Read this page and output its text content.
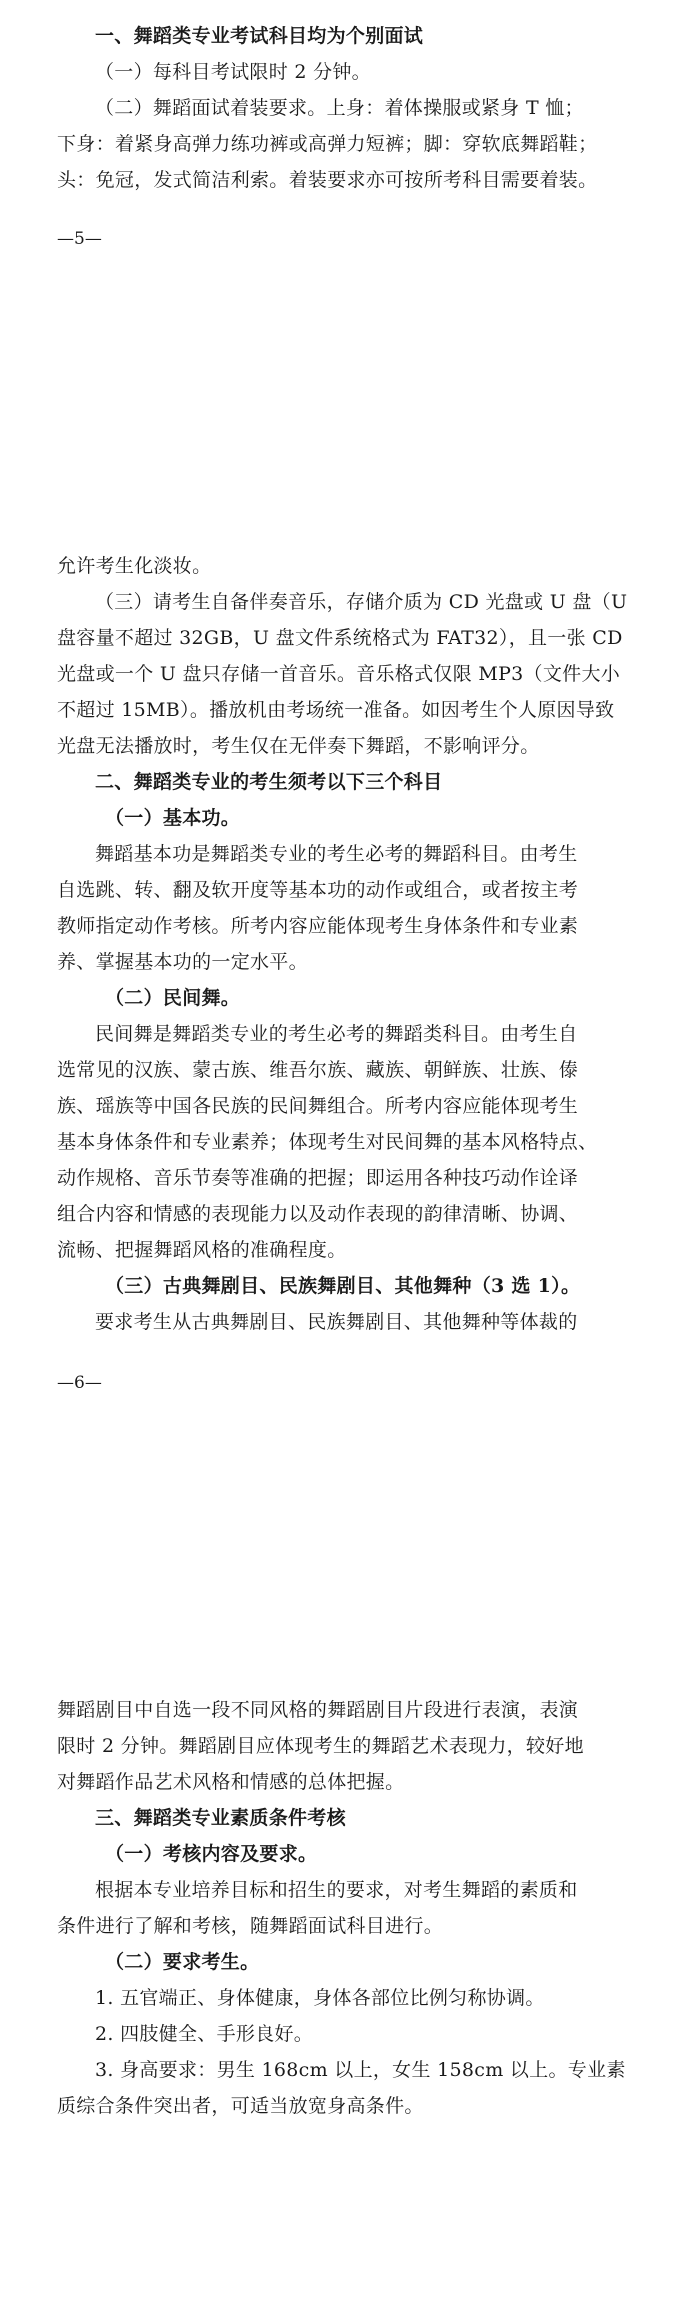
一、舞蹈类专业考试科目均为个别面试
（一）每科目考试限时 2 分钟。
（二）舞蹈面试着装要求。上身：着体操服或紧身 T 恤；
下身：着紧身高弹力练功裤或高弹力短裤；脚：穿软底舞蹈鞋；
头：免冠，发式简洁利索。着装要求亦可按所考科目需要着装。
—5—
允许考生化淡妆。
（三）请考生自备伴奏音乐，存储介质为 CD 光盘或 U 盘（U
盘容量不超过 32GB，U 盘文件系统格式为 FAT32），且一张 CD
光盘或一个 U 盘只存储一首音乐。音乐格式仅限 MP3（文件大小
不超过 15MB）。播放机由考场统一准备。如因考生个人原因导致
光盘无法播放时，考生仅在无伴奏下舞蹈，不影响评分。
二、舞蹈类专业的考生须考以下三个科目
（一）基本功。
舞蹈基本功是舞蹈类专业的考生必考的舞蹈科目。由考生
自选跳、转、翻及软开度等基本功的动作或组合，或者按主考
教师指定动作考核。所考内容应能体现考生身体条件和专业素
养、掌握基本功的一定水平。
（二）民间舞。
民间舞是舞蹈类专业的考生必考的舞蹈类科目。由考生自
选常见的汉族、蒙古族、维吾尔族、藏族、朝鲜族、壮族、傣
族、瑶族等中国各民族的民间舞组合。所考内容应能体现考生
基本身体条件和专业素养；体现考生对民间舞的基本风格特点、
动作规格、音乐节奏等准确的把握；即运用各种技巧动作诠译
组合内容和情感的表现能力以及动作表现的韵律清晰、协调、
流畅、把握舞蹈风格的准确程度。
（三）古典舞剧目、民族舞剧目、其他舞种（3 选 1）。
要求考生从古典舞剧目、民族舞剧目、其他舞种等体裁的
—6—
舞蹈剧目中自选一段不同风格的舞蹈剧目片段进行表演，表演
限时 2 分钟。舞蹈剧目应体现考生的舞蹈艺术表现力，较好地
对舞蹈作品艺术风格和情感的总体把握。
三、舞蹈类专业素质条件考核
（一）考核内容及要求。
根据本专业培养目标和招生的要求，对考生舞蹈的素质和
条件进行了解和考核，随舞蹈面试科目进行。
（二）要求考生。
1. 五官端正、身体健康，身体各部位比例匀称协调。
2. 四肢健全、手形良好。
3. 身高要求：男生 168cm 以上，女生 158cm 以上。专业素
质综合条件突出者，可适当放宽身高条件。
